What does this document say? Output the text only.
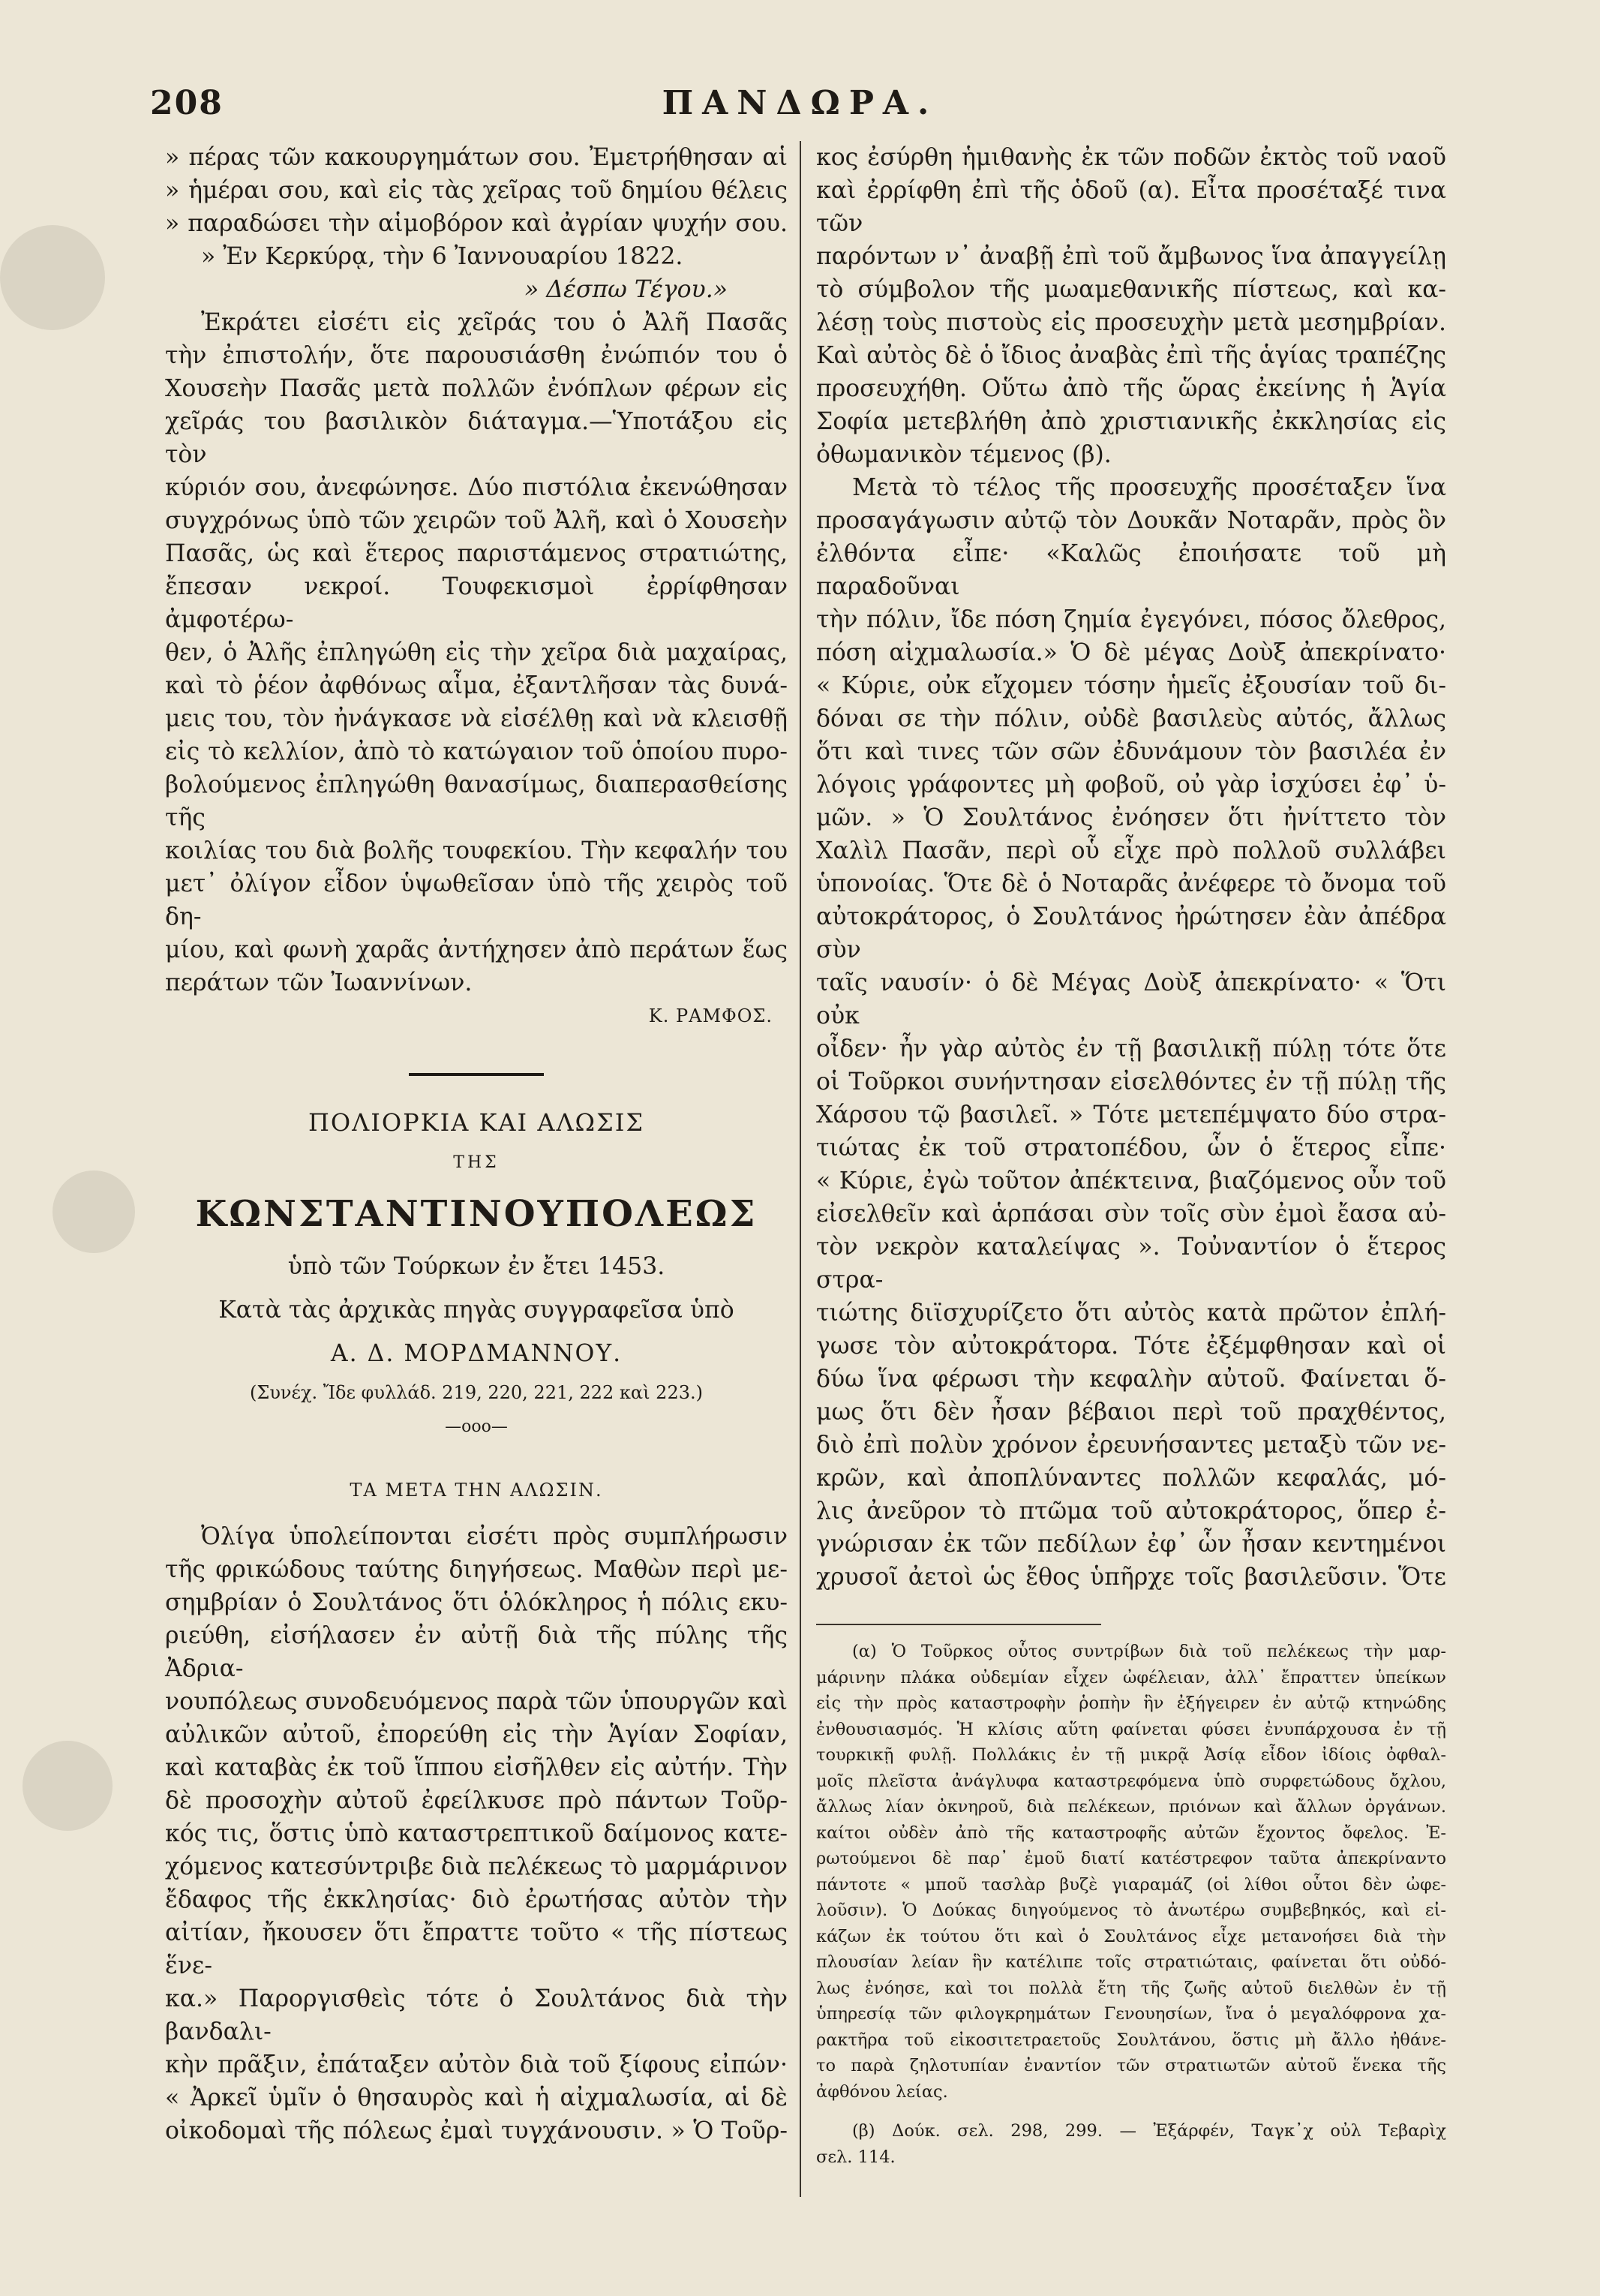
208	ΠΑΝΔΩΡΑ.

» πέρας τῶν κακουργημάτων σου. Ἐμετρήθησαν αἱ

» ἡμέραι σου, καὶ εἰς τὰς χεῖρας τοῦ δημίου θέλεις

» παραδώσει τὴν αἱμοβόρον καὶ ἀγρίαν ψυχήν σου.

» Ἐν Κερκύρᾳ, τὴν 6 Ἰαννουαρίου 1822.

» Δέσπω Τέγου.»

Ἐκράτει εἰσέτι εἰς χεῖράς του ὁ Ἀλῆ Πασᾶς

τὴν ἐπιστολήν, ὅτε παρουσιάσθη ἐνώπιόν του ὁ

Χουσεὴν Πασᾶς μετὰ πολλῶν ἐνόπλων φέρων εἰς

χεῖράς του βασιλικὸν διάταγμα.—Ὑποτάξου εἰς τὸν

κύριόν σου, ἀνεφώνησε. Δύο πιστόλια ἐκενώθησαν

συγχρόνως ὑπὸ τῶν χειρῶν τοῦ Ἀλῆ, καὶ ὁ Χουσεὴν

Πασᾶς, ὡς καὶ ἕτερος παριστάμενος στρατιώτης,

ἔπεσαν νεκροί. Τουφεκισμοὶ ἐρρίφθησαν ἀμφοτέρω-

θεν, ὁ Ἀλῆς ἐπληγώθη εἰς τὴν χεῖρα διὰ μαχαίρας,

καὶ τὸ ῥέον ἀφθόνως αἷμα, ἐξαντλῆσαν τὰς δυνά-

μεις του, τὸν ἠνάγκασε νὰ εἰσέλθῃ καὶ νὰ κλεισθῇ

εἰς τὸ κελλίον, ἀπὸ τὸ κατώγαιον τοῦ ὁποίου πυρο-

βολούμενος ἐπληγώθη θανασίμως, διαπερασθείσης τῆς

κοιλίας του διὰ βολῆς τουφεκίου. Τὴν κεφαλήν του

μετ᾽ ὀλίγον εἶδον ὑψωθεῖσαν ὑπὸ τῆς χειρὸς τοῦ δη-

μίου, καὶ φωνὴ χαρᾶς ἀντήχησεν ἀπὸ περάτων ἕως

περάτων τῶν Ἰωαννίνων.

Κ. ΡΑΜΦΟΣ.

ΠΟΛΙΟΡΚΙΑ ΚΑΙ ΑΛΩΣΙΣ

ΤΗΣ

ΚΩΝΣΤΑΝΤΙΝΟΥΠΟΛΕΩΣ

ὑπὸ τῶν Τούρκων ἐν ἔτει 1453.

Κατὰ τὰς ἀρχικὰς πηγὰς συγγραφεῖσα ὑπὸ

Α. Δ. ΜΟΡΔΜΑΝΝΟΥ.

(Συνέχ. Ἴδε φυλλάδ. 219, 220, 221, 222 καὶ 223.)

—ooo—

ΤΑ ΜΕΤΑ ΤΗΝ ΑΛΩΣΙΝ.

Ὀλίγα ὑπολείπονται εἰσέτι πρὸς συμπλήρωσιν

τῆς φρικώδους ταύτης διηγήσεως. Μαθὼν περὶ με-

σημβρίαν ὁ Σουλτάνος ὅτι ὁλόκληρος ἡ πόλις εκυ-

ριεύθη, εἰσήλασεν ἐν αὐτῇ διὰ τῆς πύλης τῆς Ἀδρια-

νουπόλεως συνοδευόμενος παρὰ τῶν ὑπουργῶν καὶ

αὐλικῶν αὐτοῦ, ἐπορεύθη εἰς τὴν Ἁγίαν Σοφίαν,

καὶ καταβὰς ἐκ τοῦ ἵππου εἰσῆλθεν εἰς αὐτήν. Τὴν

δὲ προσοχὴν αὐτοῦ ἐφείλκυσε πρὸ πάντων Τοῦρ-

κός τις, ὅστις ὑπὸ καταστρεπτικοῦ δαίμονος κατε-

χόμενος κατεσύντριβε διὰ πελέκεως τὸ μαρμάρινον

ἔδαφος τῆς ἐκκλησίας· διὸ ἐρωτήσας αὐτὸν τὴν

αἰτίαν, ἤκουσεν ὅτι ἔπραττε τοῦτο « τῆς πίστεως ἕνε-

κα.» Παροργισθεὶς τότε ὁ Σουλτάνος διὰ τὴν βανδαλι-

κὴν πρᾶξιν, ἐπάταξεν αὐτὸν διὰ τοῦ ξίφους εἰπών·

« Ἀρκεῖ ὑμῖν ὁ θησαυρὸς καὶ ἡ αἰχμαλωσία, αἱ δὲ

οἰκοδομαὶ τῆς πόλεως ἐμαὶ τυγχάνουσιν. » Ὁ Τοῦρ-

κος ἐσύρθη ἡμιθανὴς ἐκ τῶν ποδῶν ἐκτὸς τοῦ ναοῦ

καὶ ἐρρίφθη ἐπὶ τῆς ὁδοῦ (α). Εἶτα προσέταξέ τινα τῶν

παρόντων ν᾽ ἀναβῇ ἐπὶ τοῦ ἄμβωνος ἵνα ἀπαγγείλῃ

τὸ σύμβολον τῆς μωαμεθανικῆς πίστεως, καὶ κα-

λέσῃ τοὺς πιστοὺς εἰς προσευχὴν μετὰ μεσημβρίαν.

Καὶ αὐτὸς δὲ ὁ ἴδιος ἀναβὰς ἐπὶ τῆς ἁγίας τραπέζης

προσευχήθη. Οὕτω ἀπὸ τῆς ὥρας ἐκείνης ἡ Ἁγία

Σοφία μετεβλήθη ἀπὸ χριστιανικῆς ἐκκλησίας εἰς

ὀθωμανικὸν τέμενος (β).

Μετὰ τὸ τέλος τῆς προσευχῆς προσέταξεν ἵνα

προσαγάγωσιν αὐτῷ τὸν Δουκᾶν Νοταρᾶν, πρὸς ὃν

ἐλθόντα εἶπε· «Καλῶς ἐποιήσατε τοῦ μὴ παραδοῦναι

τὴν πόλιν, ἴδε πόση ζημία ἐγεγόνει, πόσος ὄλεθρος,

πόση αἰχμαλωσία.» Ὁ δὲ μέγας Δοὺξ ἀπεκρίνατο·

« Κύριε, οὐκ εἴχομεν τόσην ἡμεῖς ἐξουσίαν τοῦ δι-

δόναι σε τὴν πόλιν, οὐδὲ βασιλεὺς αὐτός, ἄλλως

ὅτι καὶ τινες τῶν σῶν ἐδυνάμουν τὸν βασιλέα ἐν

λόγοις γράφοντες μὴ φοβοῦ, οὐ γὰρ ἰσχύσει ἐφ᾽ ὑ-

μῶν. » Ὁ Σουλτάνος ἐνόησεν ὅτι ἠνίττετο τὸν

Χαλὶλ Πασᾶν, περὶ οὗ εἶχε πρὸ πολλοῦ συλλάβει

ὑπονοίας. Ὅτε δὲ ὁ Νοταρᾶς ἀνέφερε τὸ ὄνομα τοῦ

αὐτοκράτορος, ὁ Σουλτάνος ἠρώτησεν ἐὰν ἀπέδρα σὺν

ταῖς ναυσίν· ὁ δὲ Μέγας Δοὺξ ἀπεκρίνατο· « Ὅτι οὐκ

οἶδεν· ἦν γὰρ αὐτὸς ἐν τῇ βασιλικῇ πύλῃ τότε ὅτε

οἱ Τοῦρκοι συνήντησαν εἰσελθόντες ἐν τῇ πύλῃ τῆς

Χάρσου τῷ βασιλεῖ. » Τότε μετεπέμψατο δύο στρα-

τιώτας ἐκ τοῦ στρατοπέδου, ὧν ὁ ἕτερος εἶπε·

« Κύριε, ἐγὼ τοῦτον ἀπέκτεινα, βιαζόμενος οὖν τοῦ

εἰσελθεῖν καὶ ἁρπάσαι σὺν τοῖς σὺν ἐμοὶ ἔασα αὐ-

τὸν νεκρὸν καταλείψας ». Τοὐναντίον ὁ ἕτερος στρα-

τιώτης διϊσχυρίζετο ὅτι αὐτὸς κατὰ πρῶτον ἐπλή-

γωσε τὸν αὐτοκράτορα. Τότε ἐξέμφθησαν καὶ οἱ

δύω ἵνα φέρωσι τὴν κεφαλὴν αὐτοῦ. Φαίνεται ὅ-

μως ὅτι δὲν ἦσαν βέβαιοι περὶ τοῦ πραχθέντος,

διὸ ἐπὶ πολὺν χρόνον ἐρευνήσαντες μεταξὺ τῶν νε-

κρῶν, καὶ ἀποπλύναντες πολλῶν κεφαλάς, μό-

λις ἀνεῦρον τὸ πτῶμα τοῦ αὐτοκράτορος, ὅπερ ἐ-

γνώρισαν ἐκ τῶν πεδίλων ἐφ᾽ ὧν ἦσαν κεντημένοι

χρυσοῖ ἀετοὶ ὡς ἔθος ὑπῆρχε τοῖς βασιλεῦσιν. Ὅτε

(α) Ὁ Τοῦρκος οὗτος συντρίβων διὰ τοῦ πελέκεως τὴν μαρ-

μάρινην πλάκα οὐδεμίαν εἶχεν ὠφέλειαν, ἀλλ᾽ ἔπραττεν ὑπείκων

εἰς τὴν πρὸς καταστροφὴν ῥοπὴν ἣν ἐξήγειρεν ἐν αὐτῷ κτηνώδης

ἐνθουσιασμός. Ἡ κλίσις αὕτη φαίνεται φύσει ἐνυπάρχουσα ἐν τῇ

τουρκικῇ φυλῇ. Πολλάκις ἐν τῇ μικρᾷ Ἀσίᾳ εἶδον ἰδίοις ὀφθαλ-

μοῖς πλεῖστα ἀνάγλυφα καταστρεφόμενα ὑπὸ συρφετώδους ὄχλου,

ἄλλως λίαν ὀκνηροῦ, διὰ πελέκεων, πριόνων καὶ ἄλλων ὀργάνων.

καίτοι οὐδὲν ἀπὸ τῆς καταστροφῆς αὐτῶν ἔχοντος ὄφελος. Ἐ-

ρωτούμενοι δὲ παρ᾽ ἐμοῦ διατί κατέστρεφον ταῦτα ἀπεκρίναντο

πάντοτε « μποῦ τασλὰρ βυζὲ γιαραμάζ (οἱ λίθοι οὗτοι δὲν ὠφε-

λοῦσιν). Ὁ Δούκας διηγούμενος τὸ ἀνωτέρω συμβεβηκός, καὶ εἰ-

κάζων ἐκ τούτου ὅτι καὶ ὁ Σουλτάνος εἶχε μετανοήσει διὰ τὴν

πλουσίαν λείαν ἣν κατέλιπε τοῖς στρατιώταις, φαίνεται ὅτι οὐδό-

λως ἐνόησε, καὶ τοι πολλὰ ἔτη τῆς ζωῆς αὐτοῦ διελθὼν ἐν τῇ

ὑπηρεσίᾳ τῶν φιλογκρημάτων Γενουησίων, ἴνα ὁ μεγαλόφρονα χα-

ρακτῆρα τοῦ εἰκοσιτετραετοῦς Σουλτάνου, ὅστις μὴ ἄλλο ἠθάνε-

το παρὰ ζηλοτυπίαν ἐναντίον τῶν στρατιωτῶν αὐτοῦ ἕνεκα τῆς

ἀφθόνου λείας.

(β) Δούκ. σελ. 298, 299. — Ἐξάρφέν, Ταγκ᾽χ οὐλ Τεβαρὶχ

σελ. 114.
